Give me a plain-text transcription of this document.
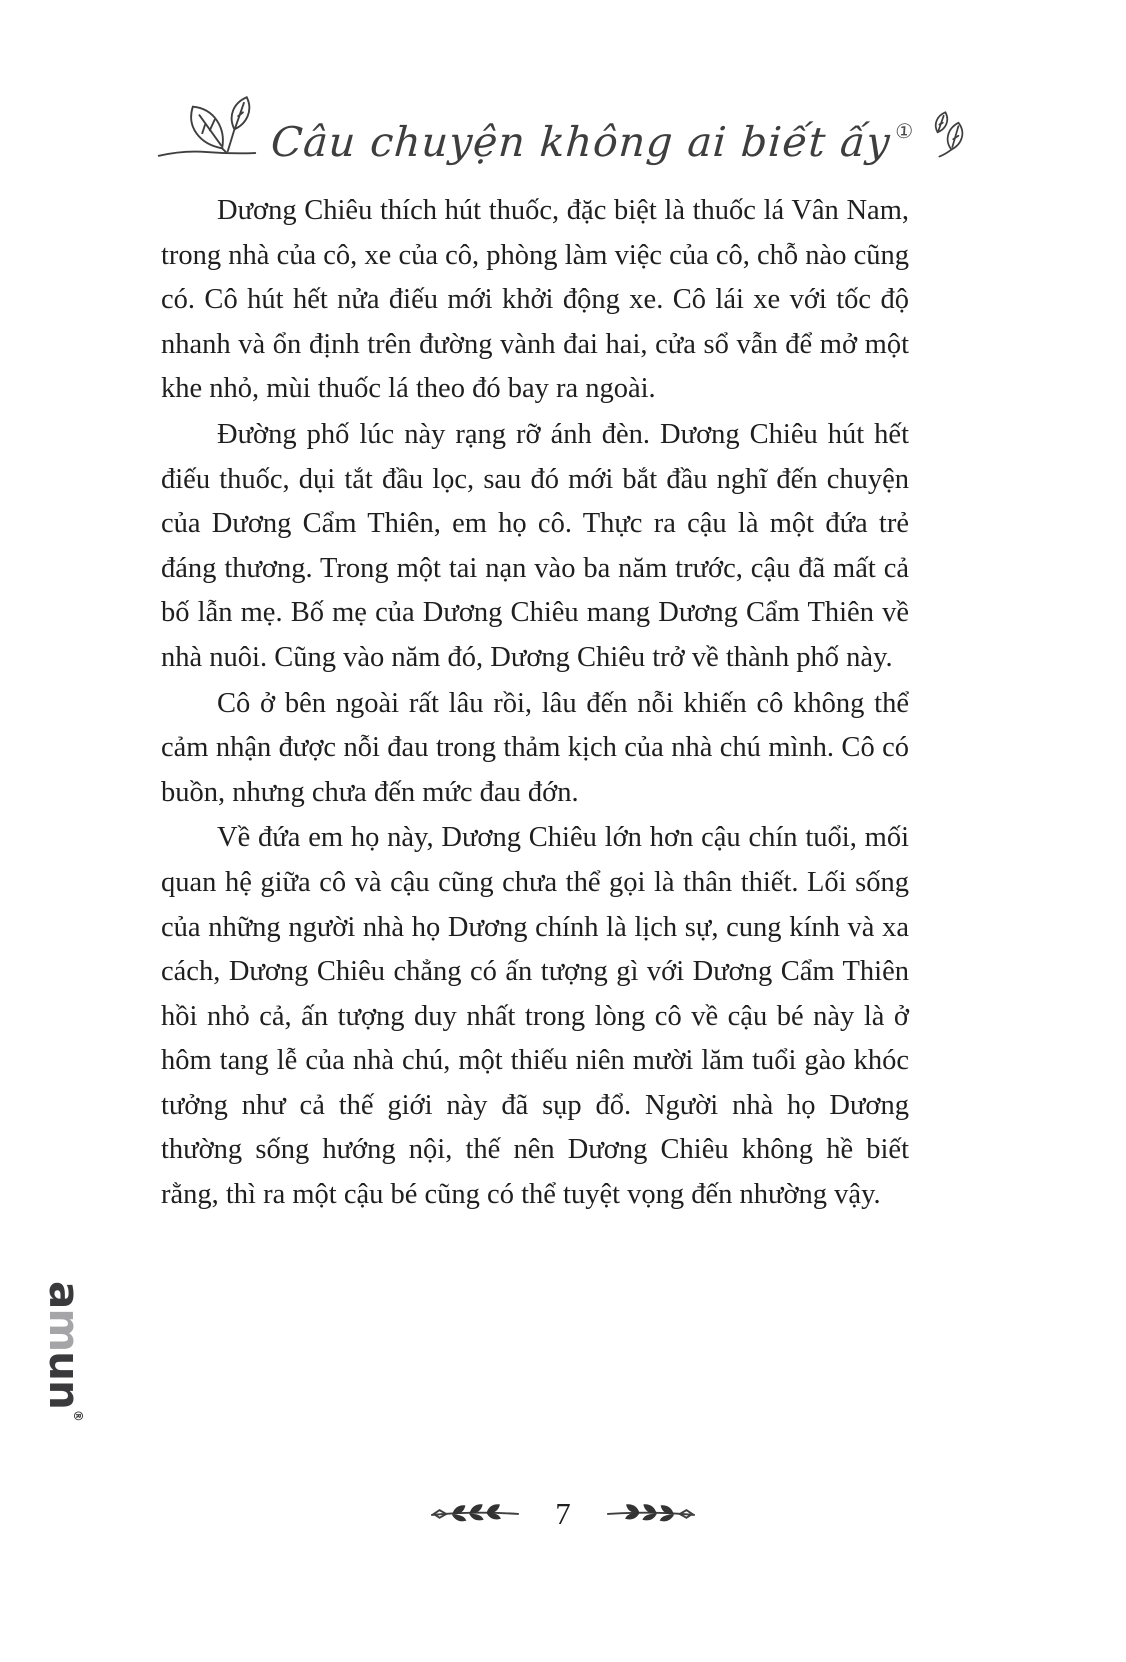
Câu chuyện không ai biết ấy ①

Dương Chiêu thích hút thuốc, đặc biệt là thuốc lá Vân Nam, trong nhà của cô, xe của cô, phòng làm việc của cô, chỗ nào cũng có. Cô hút hết nửa điếu mới khởi động xe. Cô lái xe với tốc độ nhanh và ổn định trên đường vành đai hai, cửa sổ vẫn để mở một khe nhỏ, mùi thuốc lá theo đó bay ra ngoài.

Đường phố lúc này rạng rỡ ánh đèn. Dương Chiêu hút hết điếu thuốc, dụi tắt đầu lọc, sau đó mới bắt đầu nghĩ đến chuyện của Dương Cẩm Thiên, em họ cô. Thực ra cậu là một đứa trẻ đáng thương. Trong một tai nạn vào ba năm trước, cậu đã mất cả bố lẫn mẹ. Bố mẹ của Dương Chiêu mang Dương Cẩm Thiên về nhà nuôi. Cũng vào năm đó, Dương Chiêu trở về thành phố này.

Cô ở bên ngoài rất lâu rồi, lâu đến nỗi khiến cô không thể cảm nhận được nỗi đau trong thảm kịch của nhà chú mình. Cô có buồn, nhưng chưa đến mức đau đớn.

Về đứa em họ này, Dương Chiêu lớn hơn cậu chín tuổi, mối quan hệ giữa cô và cậu cũng chưa thể gọi là thân thiết. Lối sống của những người nhà họ Dương chính là lịch sự, cung kính và xa cách, Dương Chiêu chẳng có ấn tượng gì với Dương Cẩm Thiên hồi nhỏ cả, ấn tượng duy nhất trong lòng cô về cậu bé này là ở hôm tang lễ của nhà chú, một thiếu niên mười lăm tuổi gào khóc tưởng như cả thế giới này đã sụp đổ. Người nhà họ Dương thường sống hướng nội, thế nên Dương Chiêu không hề biết rằng, thì ra một cậu bé cũng có thể tuyệt vọng đến nhường vậy.

amun®
7
